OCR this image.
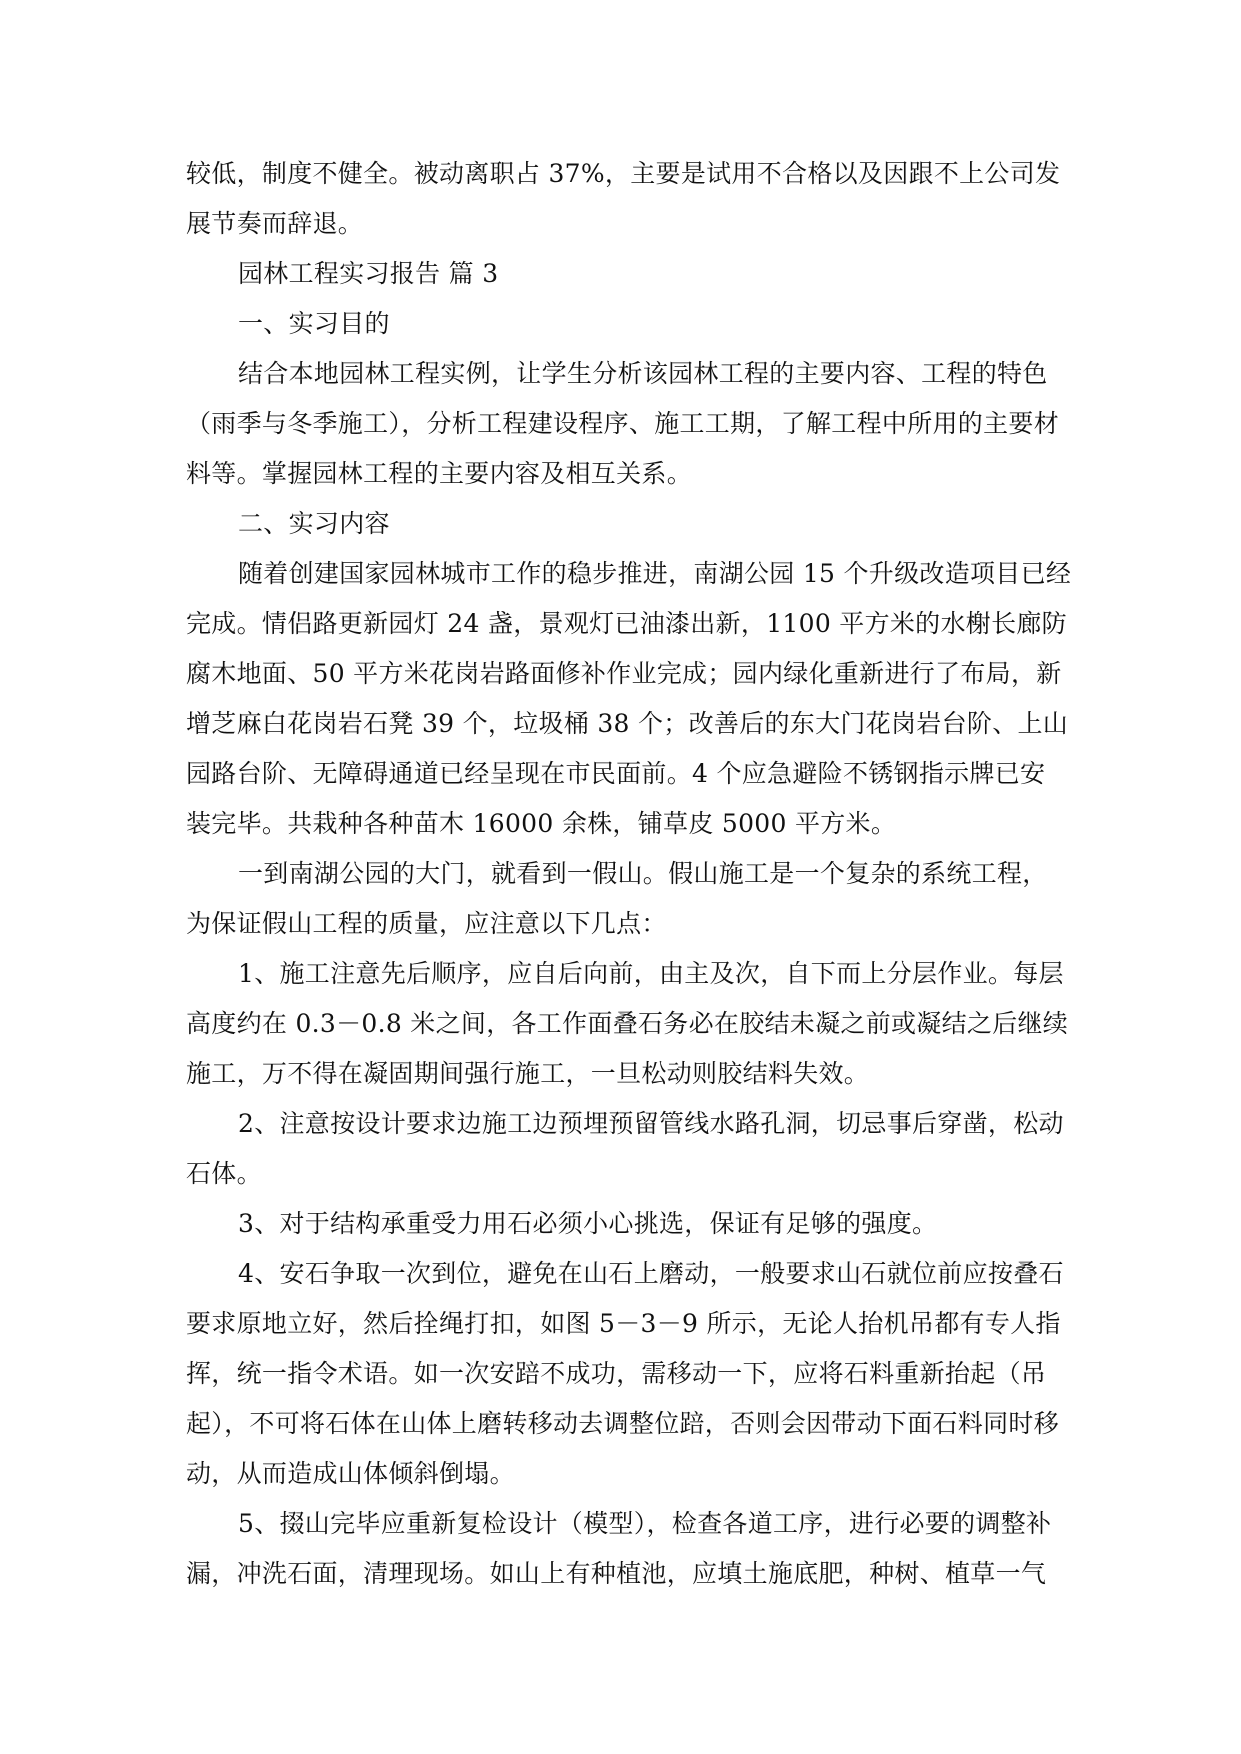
较低，制度不健全。被动离职占 37%，主要是试用不合格以及因跟不上公司发
展节奏而辞退。
园林工程实习报告 篇 3
一、实习目的
结合本地园林工程实例，让学生分析该园林工程的主要内容、工程的特色
（雨季与冬季施工），分析工程建设程序、施工工期，了解工程中所用的主要材
料等。掌握园林工程的主要内容及相互关系。
二、实习内容
随着创建国家园林城市工作的稳步推进，南湖公园 15 个升级改造项目已经
完成。情侣路更新园灯 24 盏，景观灯已油漆出新，1100 平方米的水榭长廊防
腐木地面、50 平方米花岗岩路面修补作业完成；园内绿化重新进行了布局，新
增芝麻白花岗岩石凳 39 个，垃圾桶 38 个；改善后的东大门花岗岩台阶、上山
园路台阶、无障碍通道已经呈现在市民面前。4 个应急避险不锈钢指示牌已安
装完毕。共栽种各种苗木 16000 余株，铺草皮 5000 平方米。
一到南湖公园的大门，就看到一假山。假山施工是一个复杂的系统工程，
为保证假山工程的质量，应注意以下几点：
1、施工注意先后顺序，应自后向前，由主及次，自下而上分层作业。每层
高度约在 0.3－0.8 米之间，各工作面叠石务必在胶结未凝之前或凝结之后继续
施工，万不得在凝固期间强行施工，一旦松动则胶结料失效。
2、注意按设计要求边施工边预埋预留管线水路孔洞，切忌事后穿凿，松动
石体。
3、对于结构承重受力用石必须小心挑选，保证有足够的强度。
4、安石争取一次到位，避免在山石上磨动，一般要求山石就位前应按叠石
要求原地立好，然后拴绳打扣，如图 5－3－9 所示，无论人抬机吊都有专人指
挥，统一指令术语。如一次安踣不成功，需移动一下，应将石料重新抬起（吊
起），不可将石体在山体上磨转移动去调整位踣，否则会因带动下面石料同时移
动，从而造成山体倾斜倒塌。
5、掇山完毕应重新复检设计（模型），检查各道工序，进行必要的调整补
漏，冲洗石面，清理现场。如山上有种植池，应填土施底肥，种树、植草一气
